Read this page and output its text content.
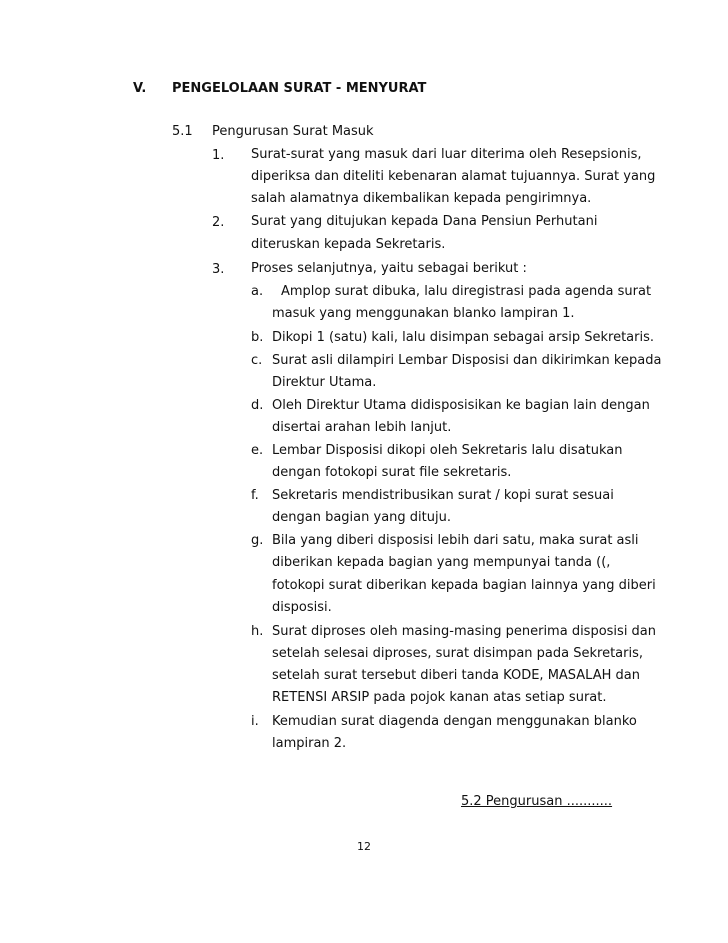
V. PENGELOLAAN SURAT - MENYURAT
5.1 Pengurusan Surat Masuk
1. Surat-surat yang masuk dari luar diterima oleh Resepsionis,
diperiksa dan diteliti kebenaran alamat tujuannya. Surat yang
salah alamatnya dikembalikan kepada pengirimnya.
2. Surat yang ditujukan kepada Dana Pensiun Perhutani
diteruskan kepada Sekretaris.
3. Proses selanjutnya, yaitu sebagai berikut :
a. Amplop surat dibuka, lalu diregistrasi pada agenda surat
masuk yang menggunakan blanko lampiran 1.
b. Dikopi 1 (satu) kali, lalu disimpan sebagai arsip Sekretaris.
c. Surat asli dilampiri Lembar Disposisi dan dikirimkan kepada
Direktur Utama.
d. Oleh Direktur Utama didisposisikan ke bagian lain dengan
disertai arahan lebih lanjut.
e. Lembar Disposisi dikopi oleh Sekretaris lalu disatukan
dengan fotokopi surat file sekretaris.
f. Sekretaris mendistribusikan surat / kopi surat sesuai
dengan bagian yang dituju.
g. Bila yang diberi disposisi lebih dari satu, maka surat asli
diberikan kepada bagian yang mempunyai tanda ((,
fotokopi surat diberikan kepada bagian lainnya yang diberi
disposisi.
h. Surat diproses oleh masing-masing penerima disposisi dan
setelah selesai diproses, surat disimpan pada Sekretaris,
setelah surat tersebut diberi tanda KODE, MASALAH dan
RETENSI ARSIP pada pojok kanan atas setiap surat.
i. Kemudian surat diagenda dengan menggunakan blanko
lampiran 2.
5.2 Pengurusan ...........
12
